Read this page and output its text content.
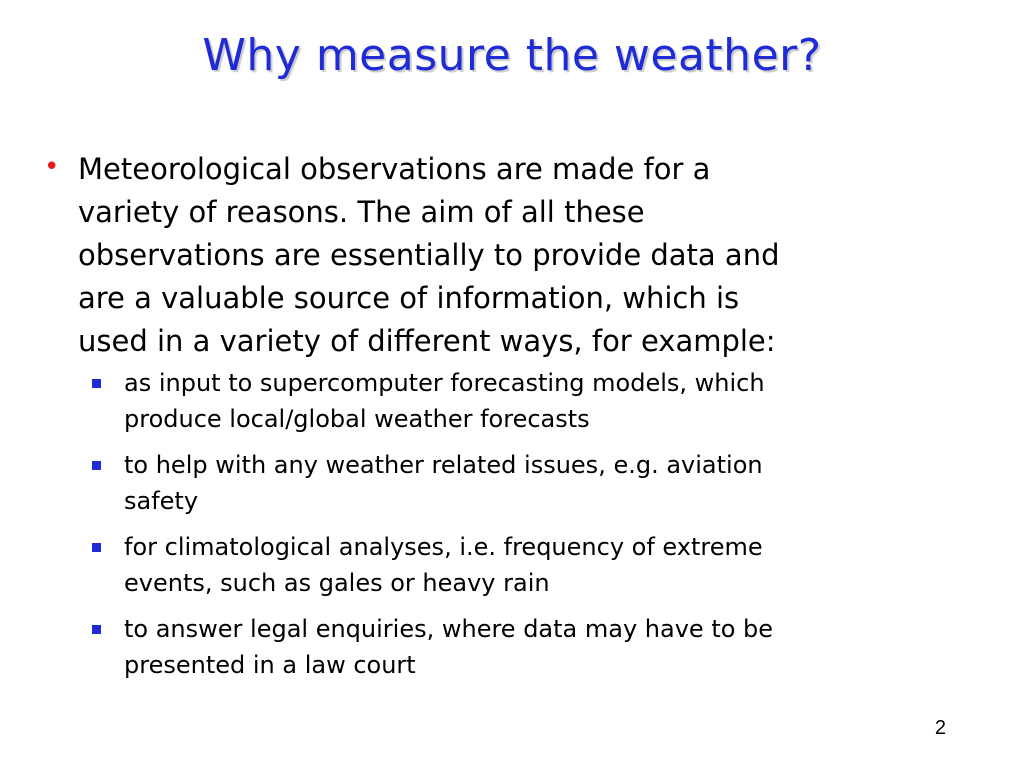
Why measure the weather?
• Meteorological observations are made for a
variety of reasons. The aim of all these
observations are essentially to provide data and
are a valuable source of information, which is
used in a variety of different ways, for example:
as input to supercomputer forecasting models, which
produce local/global weather forecasts
to help with any weather related issues, e.g. aviation
safety
for climatological analyses, i.e. frequency of extreme
events, such as gales or heavy rain
to answer legal enquiries, where data may have to be
presented in a law court
2
